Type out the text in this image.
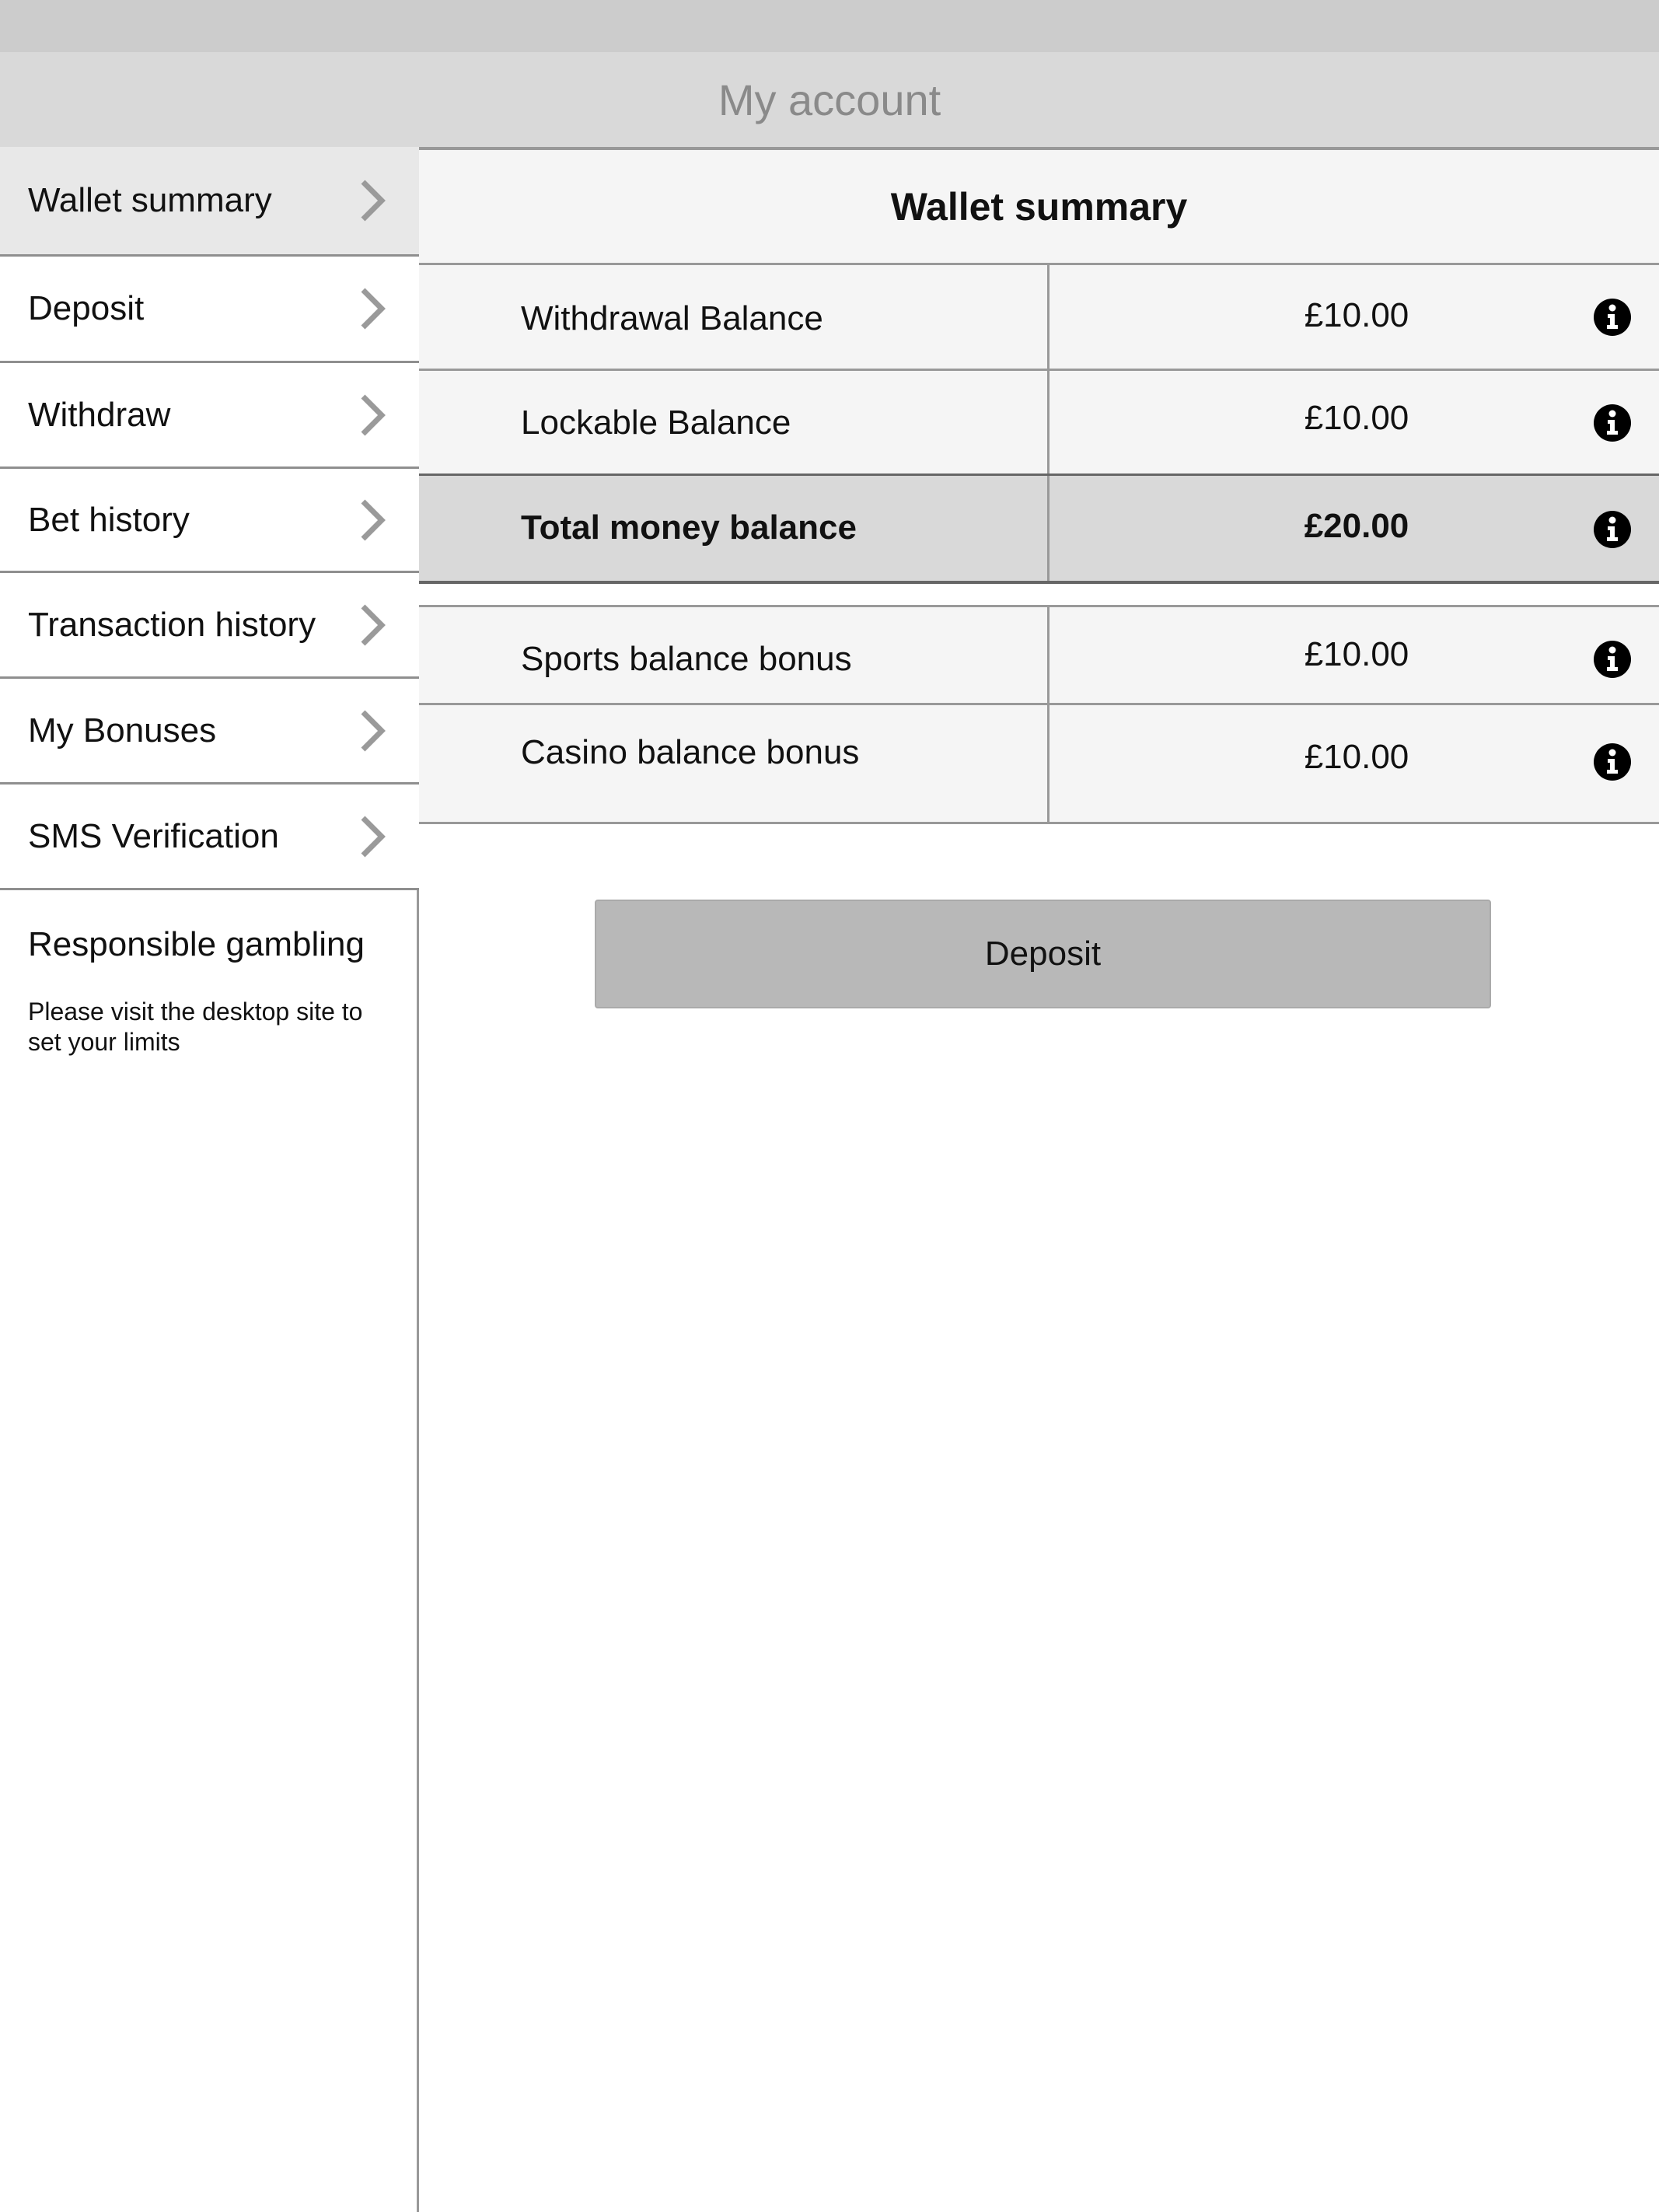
My account
Wallet summary
Deposit
Withdraw
Bet history
Transaction history
My Bonuses
SMS Verification
Responsible gambling
Please visit the desktop site to set your limits
Wallet summary
Withdrawal Balance	£10.00
Lockable Balance	£10.00
Total money balance	£20.00
Sports balance bonus	£10.00
Casino balance bonus	£10.00
Deposit
